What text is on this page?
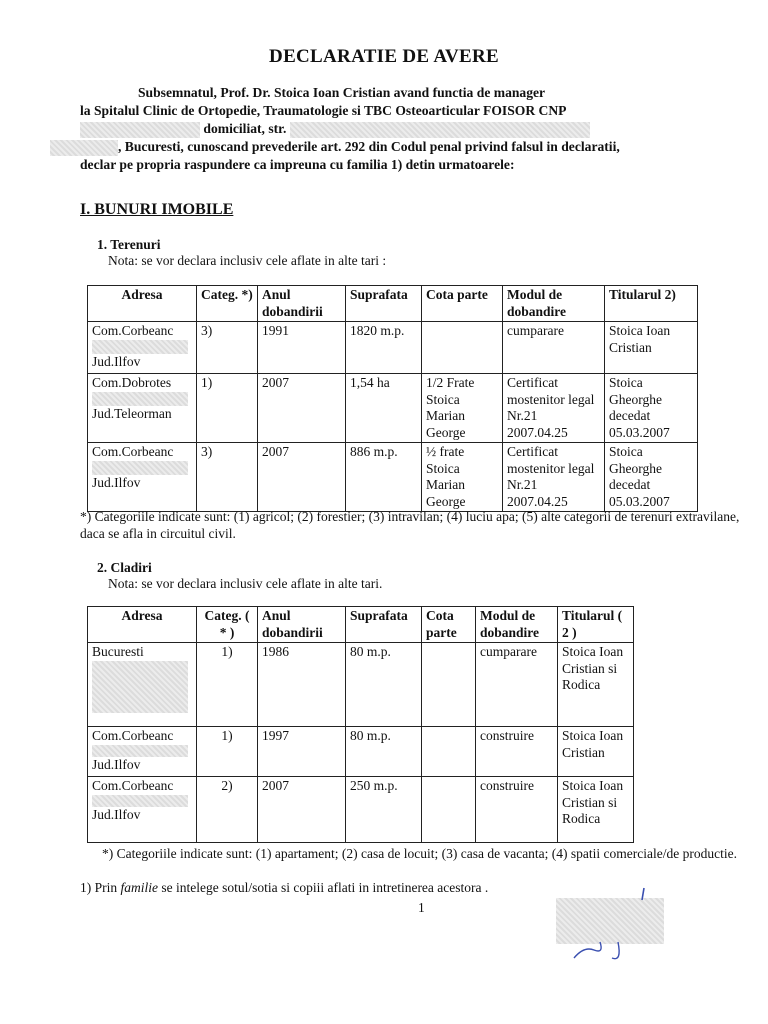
DECLARATIE DE AVERE
Subsemnatul, Prof. Dr. Stoica Ioan Cristian avand functia de manager
la Spitalul Clinic de Ortopedie, Traumatologie si TBC Osteoarticular FOISOR CNP
domiciliat, str.
, Bucuresti, cunoscand prevederile art. 292 din Codul penal privind falsul in declaratii,
declar pe propria raspundere ca impreuna cu familia 1) detin urmatoarele:
I. BUNURI IMOBILE
1. Terenuri
Nota: se vor declara inclusiv cele aflate in alte tari :
Adresa	Categ. *)	Anul dobandirii	Suprafata	Cota parte	Modul de dobandire	Titularul 2)

Com.Corbeanc
Jud.Ilfov	3)	1991	1820 m.p.		cumparare	Stoica Ioan Cristian

Com.Dobrotes
Jud.Teleorman	1)	2007	1,54 ha	1/2 Frate Stoica Marian George	Certificat mostenitor legal Nr.21 2007.04.25	Stoica Gheorghe decedat 05.03.2007

Com.Corbeanc
Jud.Ilfov	3)	2007	886 m.p.	½ frate Stoica Marian George	Certificat mostenitor legal Nr.21 2007.04.25	Stoica Gheorghe decedat 05.03.2007
*) Categoriile indicate sunt: (1) agricol; (2) forestier; (3) intravilan; (4) luciu apa; (5) alte categorii de terenuri extravilane, daca se afla in circuitul civil.
2. Cladiri
Nota: se vor declara inclusiv cele aflate in alte tari.
Adresa	Categ. ( * )	Anul dobandirii	Suprafata	Cota parte	Modul de dobandire	Titularul ( 2 )

Bucuresti	1)	1986	80 m.p.		cumparare	Stoica Ioan Cristian si Rodica

Com.Corbeanc
Jud.Ilfov	1)	1997	80 m.p.		construire	Stoica Ioan Cristian

Com.Corbeanc
Jud.Ilfov	2)	2007	250 m.p.		construire	Stoica Ioan Cristian si Rodica
*) Categoriile indicate sunt: (1) apartament; (2) casa de locuit; (3) casa de vacanta; (4) spatii comerciale/de productie.
1) Prin familie se intelege sotul/sotia si copiii aflati in intretinerea acestora .
1
